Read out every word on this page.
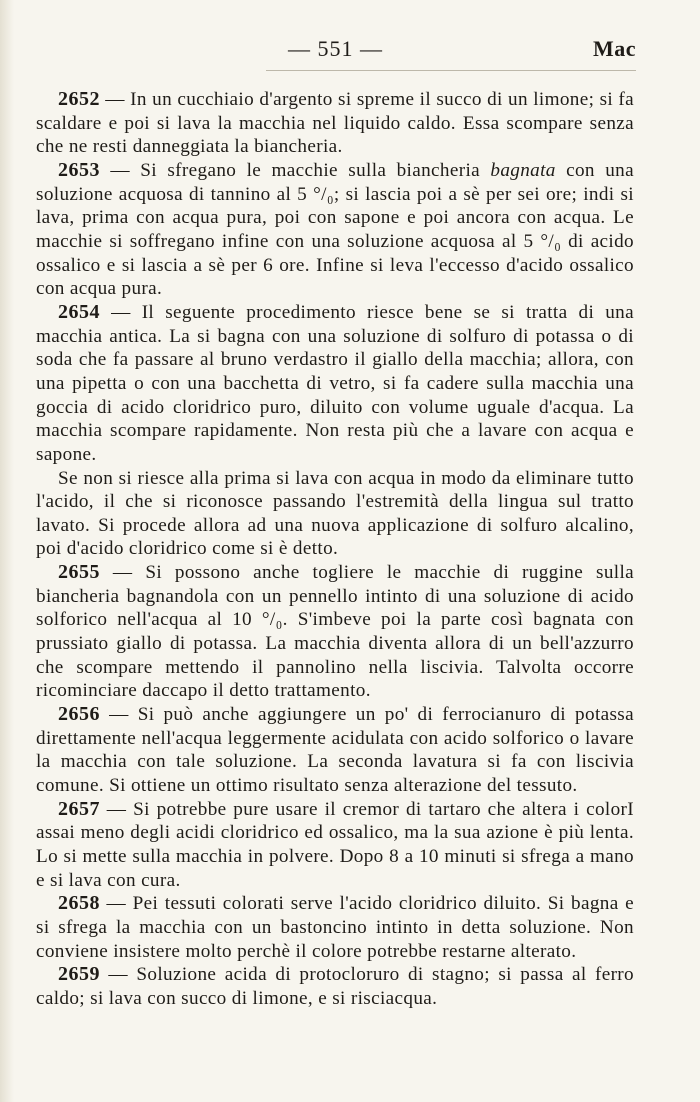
— 551 —	Mac

2652 — In un cucchiaio d'argento si spreme il succo di un limone; si fa scaldare e poi si lava la macchia nel liquido caldo. Essa scompare senza che ne resti danneggiata la biancheria.

2653 — Si sfregano le macchie sulla biancheria bagnata con una soluzione acquosa di tannino al 5 °/₀; si lascia poi a sè per sei ore; indi si lava, prima con acqua pura, poi con sapone e poi ancora con acqua. Le macchie si soffregano infine con una soluzione acquosa al 5 °/₀ di acido ossalico e si lascia a sè per 6 ore. Infine si leva l'eccesso d'acido ossalico con acqua pura.

2654 — Il seguente procedimento riesce bene se si tratta di una macchia antica. La si bagna con una soluzione di solfuro di potassa o di soda che fa passare al bruno verdastro il giallo della macchia; allora, con una pipetta o con una bacchetta di vetro, si fa cadere sulla macchia una goccia di acido cloridrico puro, diluito con volume uguale d'acqua. La macchia scompare rapidamente. Non resta più che a lavare con acqua e sapone.

Se non si riesce alla prima si lava con acqua in modo da eliminare tutto l'acido, il che si riconosce passando l'estremità della lingua sul tratto lavato. Si procede allora ad una nuova applicazione di solfuro alcalino, poi d'acido cloridrico come si è detto.

2655 — Si possono anche togliere le macchie di ruggine sulla biancheria bagnandola con un pennello intinto di una soluzione di acido solforico nell'acqua al 10 °/₀. S'imbeve poi la parte così bagnata con prussiato giallo di potassa. La macchia diventa allora di un bell'azzurro che scompare mettendo il pannolino nella liscivia. Talvolta occorre ricominciare daccapo il detto trattamento.

2656 — Si può anche aggiungere un po' di ferrocianuro di potassa direttamente nell'acqua leggermente acidulata con acido solforico o lavare la macchia con tale soluzione. La seconda lavatura si fa con liscivia comune. Si ottiene un ottimo risultato senza alterazione del tessuto.

2657 — Si potrebbe pure usare il cremor di tartaro che altera i colorI assai meno degli acidi cloridrico ed ossalico, ma la sua azione è più lenta. Lo si mette sulla macchia in polvere. Dopo 8 a 10 minuti si sfrega a mano e si lava con cura.

2658 — Pei tessuti colorati serve l'acido cloridrico diluito. Si bagna e si sfrega la macchia con un bastoncino intinto in detta soluzione. Non conviene insistere molto perchè il colore potrebbe restarne alterato.

2659 — Soluzione acida di protocloruro di stagno; si passa al ferro caldo; si lava con succo di limone, e si risciacqua.
